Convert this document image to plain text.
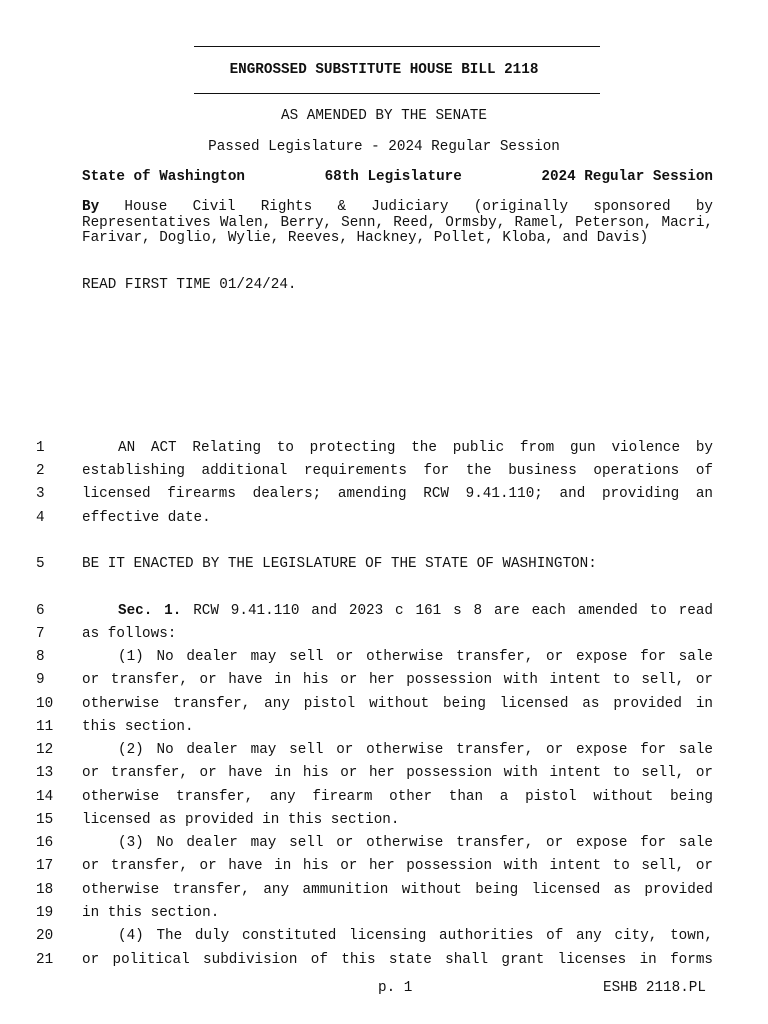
ENGROSSED SUBSTITUTE HOUSE BILL 2118
AS AMENDED BY THE SENATE
Passed Legislature - 2024 Regular Session
State of Washington	68th Legislature	2024 Regular Session
By House Civil Rights & Judiciary (originally sponsored by Representatives Walen, Berry, Senn, Reed, Ormsby, Ramel, Peterson, Macri, Farivar, Doglio, Wylie, Reeves, Hackney, Pollet, Kloba, and Davis)
READ FIRST TIME 01/24/24.
1	AN ACT Relating to protecting the public from gun violence by
2	establishing additional requirements for the business operations of
3	licensed firearms dealers; amending RCW 9.41.110; and providing an
4	effective date.
5	BE IT ENACTED BY THE LEGISLATURE OF THE STATE OF WASHINGTON:
6	Sec. 1. RCW 9.41.110 and 2023 c 161 s 8 are each amended to read
7	as follows:
8	(1) No dealer may sell or otherwise transfer, or expose for sale
9	or transfer, or have in his or her possession with intent to sell, or
10	otherwise transfer, any pistol without being licensed as provided in
11	this section.
12	(2) No dealer may sell or otherwise transfer, or expose for sale
13	or transfer, or have in his or her possession with intent to sell, or
14	otherwise transfer, any firearm other than a pistol without being
15	licensed as provided in this section.
16	(3) No dealer may sell or otherwise transfer, or expose for sale
17	or transfer, or have in his or her possession with intent to sell, or
18	otherwise transfer, any ammunition without being licensed as provided
19	in this section.
20	(4) The duly constituted licensing authorities of any city, town,
21	or political subdivision of this state shall grant licenses in forms
p. 1	ESHB 2118.PL
